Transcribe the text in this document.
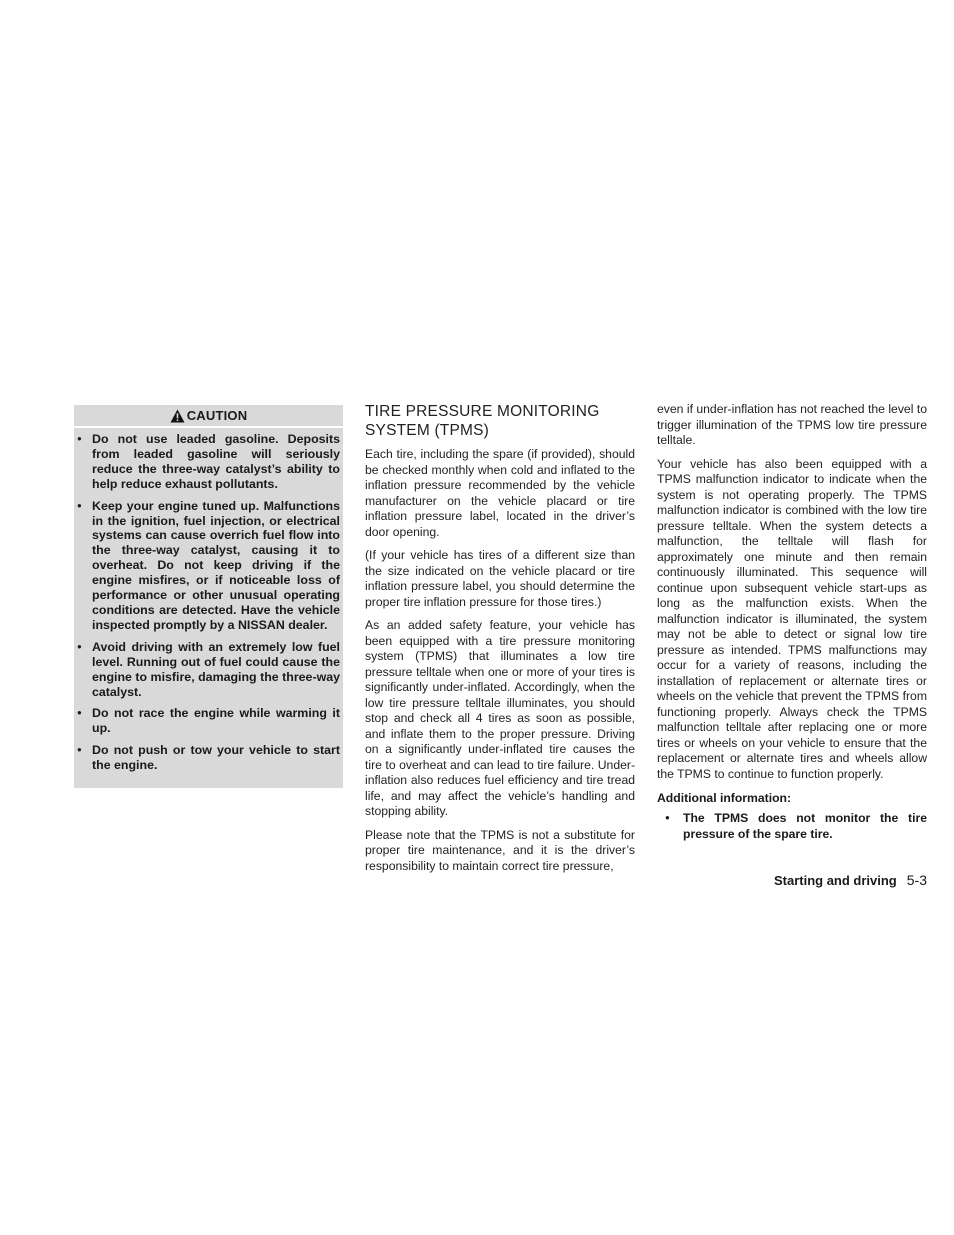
CAUTION
● Do not use leaded gasoline. Deposits from leaded gasoline will seriously reduce the three-way catalyst’s ability to help reduce exhaust pollutants.
● Keep your engine tuned up. Malfunctions in the ignition, fuel injection, or electrical systems can cause overrich fuel flow into the three-way catalyst, causing it to overheat. Do not keep driving if the engine misfires, or if noticeable loss of performance or other unusual operating conditions are detected. Have the vehicle inspected promptly by a NISSAN dealer.
● Avoid driving with an extremely low fuel level. Running out of fuel could cause the engine to misfire, damaging the three-way catalyst.
● Do not race the engine while warming it up.
● Do not push or tow your vehicle to start the engine.
TIRE PRESSURE MONITORING SYSTEM (TPMS)

Each tire, including the spare (if provided), should be checked monthly when cold and inflated to the inflation pressure recommended by the vehicle manufacturer on the vehicle placard or tire inflation pressure label, located in the driver’s door opening.

(If your vehicle has tires of a different size than the size indicated on the vehicle placard or tire inflation pressure label, you should determine the proper tire inflation pressure for those tires.)

As an added safety feature, your vehicle has been equipped with a tire pressure monitoring system (TPMS) that illuminates a low tire pressure telltale when one or more of your tires is significantly under-inflated. Accordingly, when the low tire pressure telltale illuminates, you should stop and check all 4 tires as soon as possible, and inflate them to the proper pressure. Driving on a significantly under-inflated tire causes the tire to overheat and can lead to tire failure. Under-inflation also reduces fuel efficiency and tire tread life, and may affect the vehicle’s handling and stopping ability.

Please note that the TPMS is not a substitute for proper tire maintenance, and it is the driver’s responsibility to maintain correct tire pressure,

even if under-inflation has not reached the level to trigger illumination of the TPMS low tire pressure telltale.

Your vehicle has also been equipped with a TPMS malfunction indicator to indicate when the system is not operating properly. The TPMS malfunction indicator is combined with the low tire pressure telltale. When the system detects a malfunction, the telltale will flash for approximately one minute and then remain continuously illuminated. This sequence will continue upon subsequent vehicle start-ups as long as the malfunction exists. When the malfunction indicator is illuminated, the system may not be able to detect or signal low tire pressure as intended. TPMS malfunctions may occur for a variety of reasons, including the installation of replacement or alternate tires or wheels on the vehicle that prevent the TPMS from functioning properly. Always check the TPMS malfunction telltale after replacing one or more tires or wheels on your vehicle to ensure that the replacement or alternate tires and wheels allow the TPMS to continue to function properly.

Additional information:

● The TPMS does not monitor the tire pressure of the spare tire.
Starting and driving 5-3
